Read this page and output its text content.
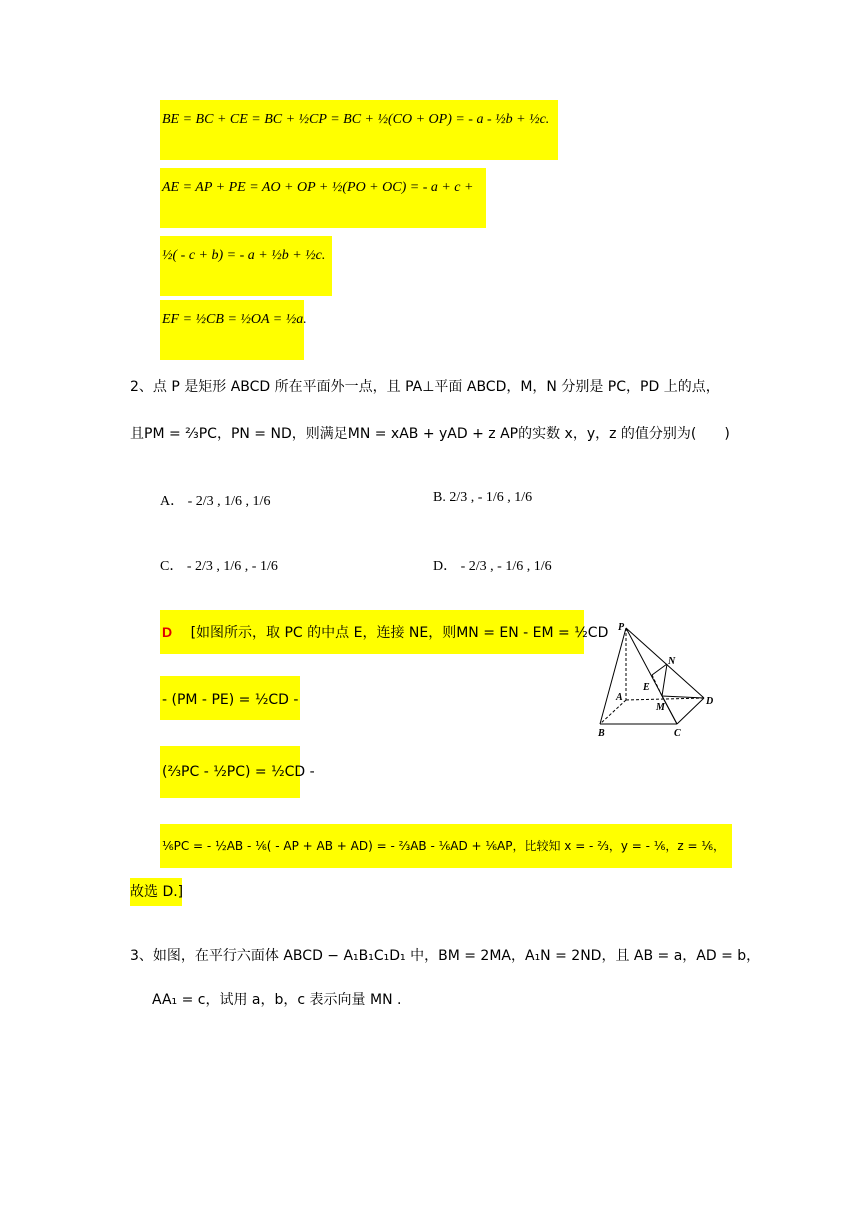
BE = BC + CE = BC + ½CP = BC + ½(CO + OP) = - a - ½b + ½c.
AE = AP + PE = AO + OP + ½(PO + OC) = - a + c +
½( - c + b) = - a + ½b + ½c.
EF = ½CB = ½OA = ½a.
2、点 P 是矩形 ABCD 所在平面外一点，且 PA⊥平面 ABCD，M，N 分别是 PC，PD 上的点，
且PM = ⅔PC，PN = ND，则满足MN = xAB + yAD + z AP的实数 x，y，z 的值分别为(　　)
A． - 2/3 , 1/6 , 1/6	B. 2/3 , - 1/6 , 1/6
C． - 2/3 , 1/6 , - 1/6	D． - 2/3 , - 1/6 , 1/6
D [如图所示，取 PC 的中点 E，连接 NE，则MN = EN - EM = ½CD
- (PM - PE) = ½CD -
(⅔PC - ½PC) = ½CD -
⅙PC = - ½AB - ⅙( - AP + AB + AD) = - ⅔AB - ⅙AD + ⅙AP，比较知 x = - ⅔，y = - ⅙，z = ⅙，
故选 D.]
P
N
E
A
M
D
B	C
3、如图，在平行六面体 ABCD − A₁B₁C₁D₁ 中，BM = 2MA，A₁N = 2ND，且 AB = a，AD = b，
AA₁ = c，试用 a，b，c 表示向量 MN .
